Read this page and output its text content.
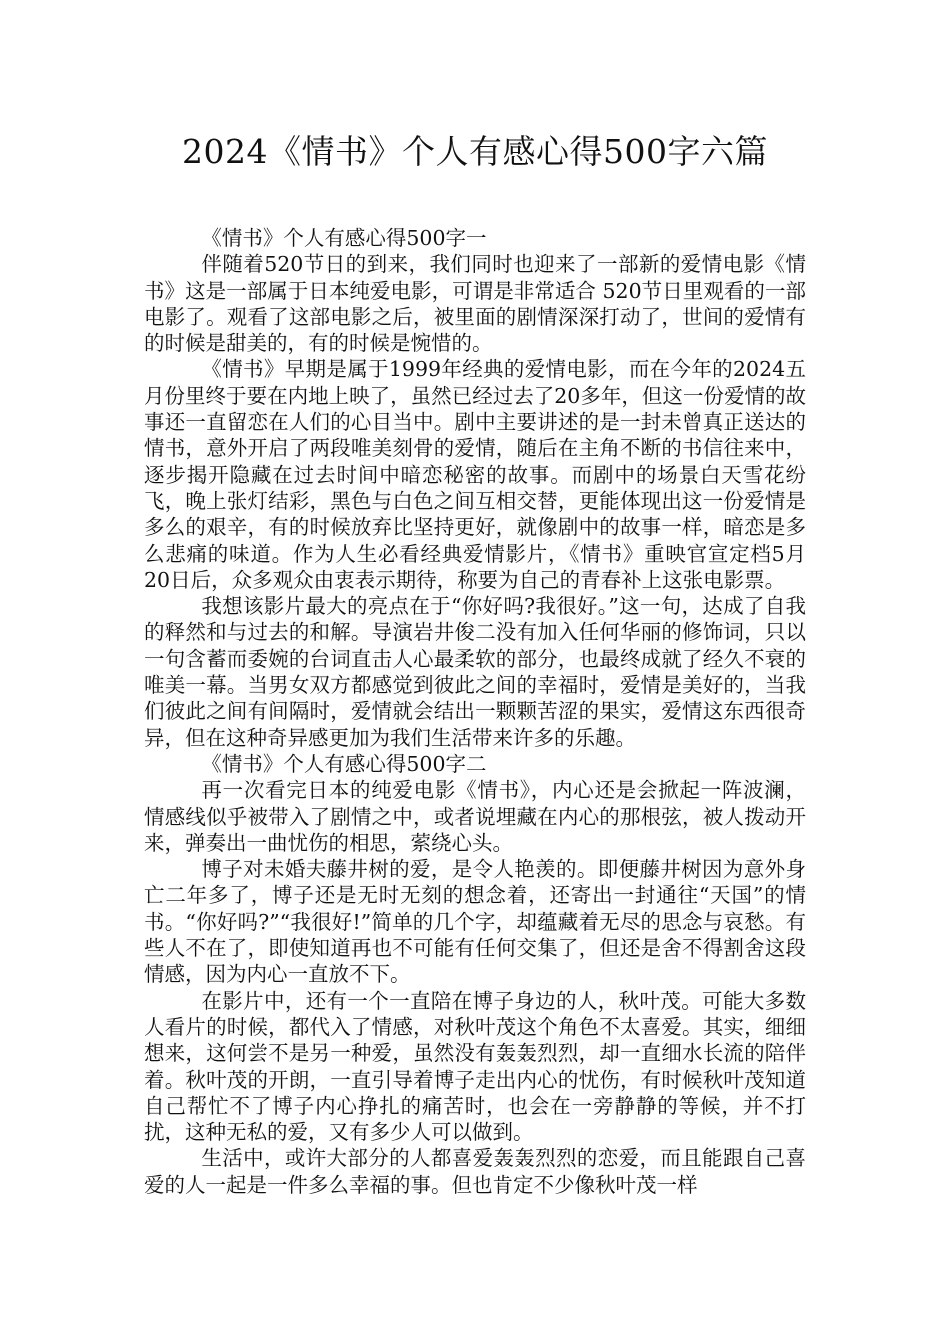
2024《情书》个人有感心得500字六篇

《情书》个人有感心得500字一

伴随着520节日的到来，我们同时也迎来了一部新的爱情电影《情书》这是一部属于日本纯爱电影，可谓是非常适合 520节日里观看的一部电影了。观看了这部电影之后，被里面的剧情深深打动了，世间的爱情有的时候是甜美的，有的时候是惋惜的。

《情书》早期是属于1999年经典的爱情电影，而在今年的2024五月份里终于要在内地上映了，虽然已经过去了20多年，但这一份爱情的故事还一直留恋在人们的心目当中。剧中主要讲述的是一封未曾真正送达的情书，意外开启了两段唯美刻骨的爱情，随后在主角不断的书信往来中，逐步揭开隐藏在过去时间中暗恋秘密的故事。而剧中的场景白天雪花纷飞，晚上张灯结彩，黑色与白色之间互相交替，更能体现出这一份爱情是多么的艰辛，有的时候放弃比坚持更好，就像剧中的故事一样，暗恋是多么悲痛的味道。作为人生必看经典爱情影片，《情书》重映官宣定档5月20日后，众多观众由衷表示期待，称要为自己的青春补上这张电影票。

我想该影片最大的亮点在于“你好吗?我很好。”这一句，达成了自我的释然和与过去的和解。导演岩井俊二没有加入任何华丽的修饰词，只以一句含蓄而委婉的台词直击人心最柔软的部分，也最终成就了经久不衰的唯美一幕。当男女双方都感觉到彼此之间的幸福时，爱情是美好的，当我们彼此之间有间隔时，爱情就会结出一颗颗苦涩的果实，爱情这东西很奇异，但在这种奇异感更加为我们生活带来许多的乐趣。

《情书》个人有感心得500字二

再一次看完日本的纯爱电影《情书》，内心还是会掀起一阵波澜，情感线似乎被带入了剧情之中，或者说埋藏在内心的那根弦，被人拨动开来，弹奏出一曲忧伤的相思，萦绕心头。

博子对未婚夫藤井树的爱，是令人艳羡的。即便藤井树因为意外身亡二年多了，博子还是无时无刻的想念着，还寄出一封通往“天国”的情书。“你好吗?”“我很好!”简单的几个字，却蕴藏着无尽的思念与哀愁。有些人不在了，即使知道再也不可能有任何交集了，但还是舍不得割舍这段情感，因为内心一直放不下。

在影片中，还有一个一直陪在博子身边的人，秋叶茂。可能大多数人看片的时候，都代入了情感，对秋叶茂这个角色不太喜爱。其实，细细想来，这何尝不是另一种爱，虽然没有轰轰烈烈，却一直细水长流的陪伴着。秋叶茂的开朗，一直引导着博子走出内心的忧伤，有时候秋叶茂知道自己帮忙不了博子内心挣扎的痛苦时，也会在一旁静静的等候，并不打扰，这种无私的爱，又有多少人可以做到。

生活中，或许大部分的人都喜爱轰轰烈烈的恋爱，而且能跟自己喜爱的人一起是一件多么幸福的事。但也肯定不少像秋叶茂一样
